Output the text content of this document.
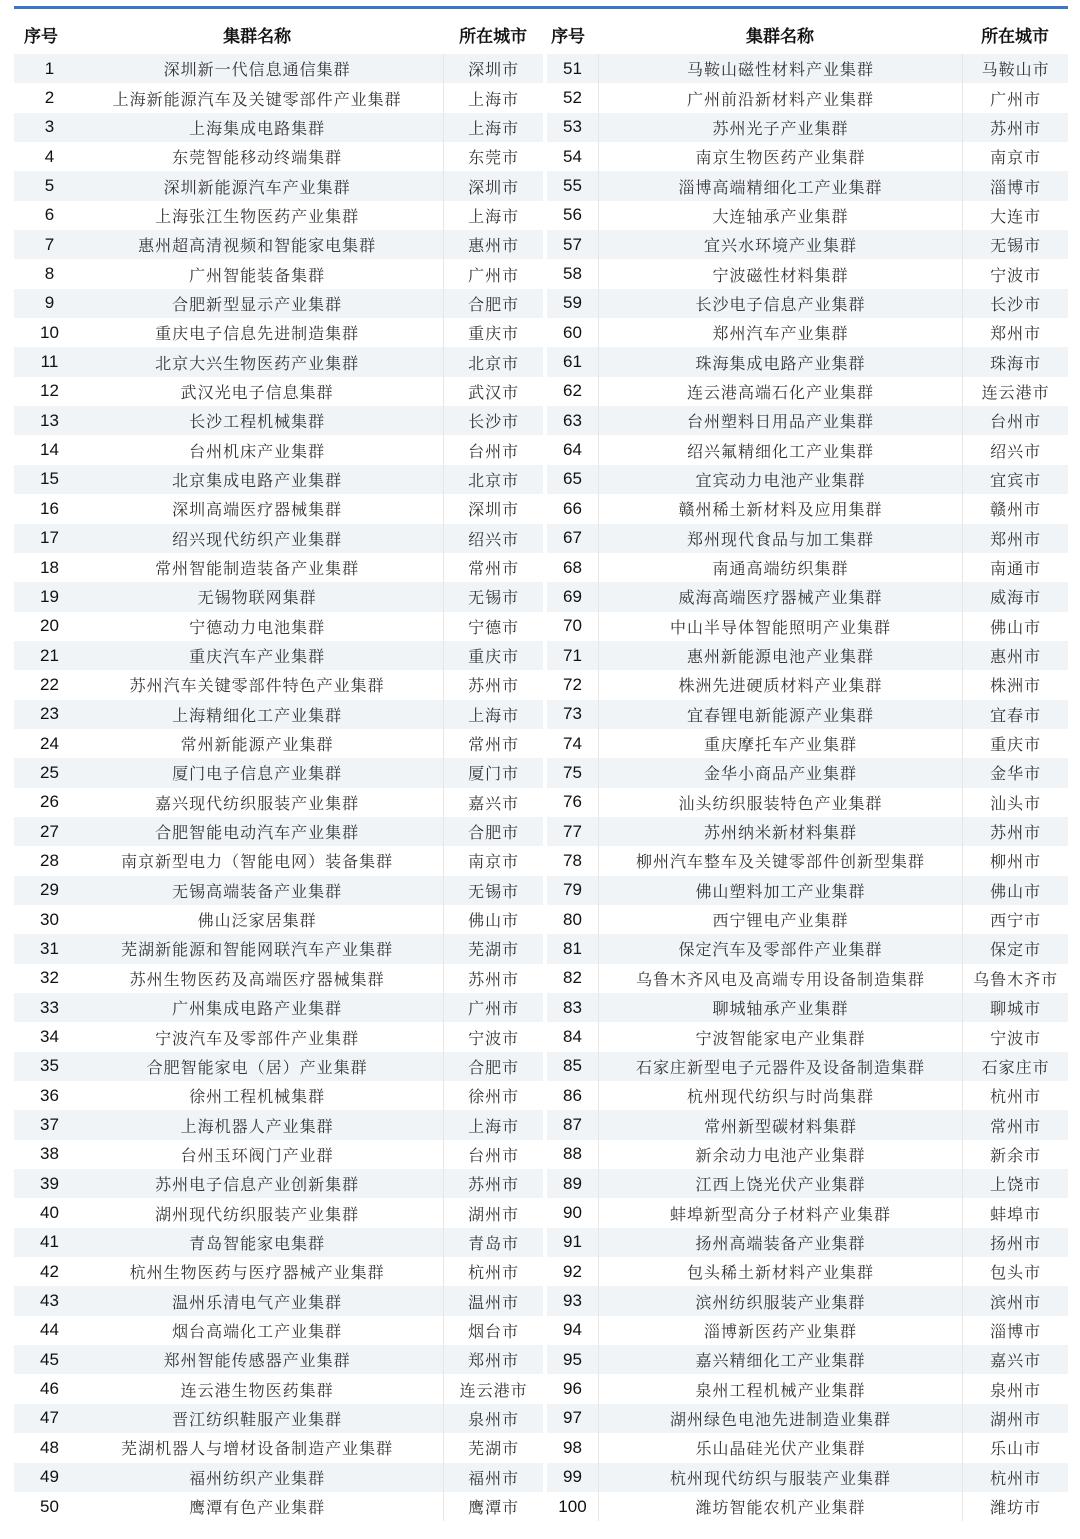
序号	集群名称	所在城市		序号	集群名称	所在城市
1	深圳新一代信息通信集群	深圳市		51	马鞍山磁性材料产业集群	马鞍山市
2	上海新能源汽车及关键零部件产业集群	上海市		52	广州前沿新材料产业集群	广州市
3	上海集成电路集群	上海市		53	苏州光子产业集群	苏州市
4	东莞智能移动终端集群	东莞市		54	南京生物医药产业集群	南京市
5	深圳新能源汽车产业集群	深圳市		55	淄博高端精细化工产业集群	淄博市
6	上海张江生物医药产业集群	上海市		56	大连轴承产业集群	大连市
7	惠州超高清视频和智能家电集群	惠州市		57	宜兴水环境产业集群	无锡市
8	广州智能装备集群	广州市		58	宁波磁性材料集群	宁波市
9	合肥新型显示产业集群	合肥市		59	长沙电子信息产业集群	长沙市
10	重庆电子信息先进制造集群	重庆市		60	郑州汽车产业集群	郑州市
11	北京大兴生物医药产业集群	北京市		61	珠海集成电路产业集群	珠海市
12	武汉光电子信息集群	武汉市		62	连云港高端石化产业集群	连云港市
13	长沙工程机械集群	长沙市		63	台州塑料日用品产业集群	台州市
14	台州机床产业集群	台州市		64	绍兴氟精细化工产业集群	绍兴市
15	北京集成电路产业集群	北京市		65	宜宾动力电池产业集群	宜宾市
16	深圳高端医疗器械集群	深圳市		66	赣州稀土新材料及应用集群	赣州市
17	绍兴现代纺织产业集群	绍兴市		67	郑州现代食品与加工集群	郑州市
18	常州智能制造装备产业集群	常州市		68	南通高端纺织集群	南通市
19	无锡物联网集群	无锡市		69	威海高端医疗器械产业集群	威海市
20	宁德动力电池集群	宁德市		70	中山半导体智能照明产业集群	佛山市
21	重庆汽车产业集群	重庆市		71	惠州新能源电池产业集群	惠州市
22	苏州汽车关键零部件特色产业集群	苏州市		72	株洲先进硬质材料产业集群	株洲市
23	上海精细化工产业集群	上海市		73	宜春锂电新能源产业集群	宜春市
24	常州新能源产业集群	常州市		74	重庆摩托车产业集群	重庆市
25	厦门电子信息产业集群	厦门市		75	金华小商品产业集群	金华市
26	嘉兴现代纺织服装产业集群	嘉兴市		76	汕头纺织服装特色产业集群	汕头市
27	合肥智能电动汽车产业集群	合肥市		77	苏州纳米新材料集群	苏州市
28	南京新型电力（智能电网）装备集群	南京市		78	柳州汽车整车及关键零部件创新型集群	柳州市
29	无锡高端装备产业集群	无锡市		79	佛山塑料加工产业集群	佛山市
30	佛山泛家居集群	佛山市		80	西宁锂电产业集群	西宁市
31	芜湖新能源和智能网联汽车产业集群	芜湖市		81	保定汽车及零部件产业集群	保定市
32	苏州生物医药及高端医疗器械集群	苏州市		82	乌鲁木齐风电及高端专用设备制造集群	乌鲁木齐市
33	广州集成电路产业集群	广州市		83	聊城轴承产业集群	聊城市
34	宁波汽车及零部件产业集群	宁波市		84	宁波智能家电产业集群	宁波市
35	合肥智能家电（居）产业集群	合肥市		85	石家庄新型电子元器件及设备制造集群	石家庄市
36	徐州工程机械集群	徐州市		86	杭州现代纺织与时尚集群	杭州市
37	上海机器人产业集群	上海市		87	常州新型碳材料集群	常州市
38	台州玉环阀门产业群	台州市		88	新余动力电池产业集群	新余市
39	苏州电子信息产业创新集群	苏州市		89	江西上饶光伏产业集群	上饶市
40	湖州现代纺织服装产业集群	湖州市		90	蚌埠新型高分子材料产业集群	蚌埠市
41	青岛智能家电集群	青岛市		91	扬州高端装备产业集群	扬州市
42	杭州生物医药与医疗器械产业集群	杭州市		92	包头稀土新材料产业集群	包头市
43	温州乐清电气产业集群	温州市		93	滨州纺织服装产业集群	滨州市
44	烟台高端化工产业集群	烟台市		94	淄博新医药产业集群	淄博市
45	郑州智能传感器产业集群	郑州市		95	嘉兴精细化工产业集群	嘉兴市
46	连云港生物医药集群	连云港市		96	泉州工程机械产业集群	泉州市
47	晋江纺织鞋服产业集群	泉州市		97	湖州绿色电池先进制造业集群	湖州市
48	芜湖机器人与增材设备制造产业集群	芜湖市		98	乐山晶硅光伏产业集群	乐山市
49	福州纺织产业集群	福州市		99	杭州现代纺织与服装产业集群	杭州市
50	鹰潭有色产业集群	鹰潭市		100	潍坊智能农机产业集群	潍坊市
